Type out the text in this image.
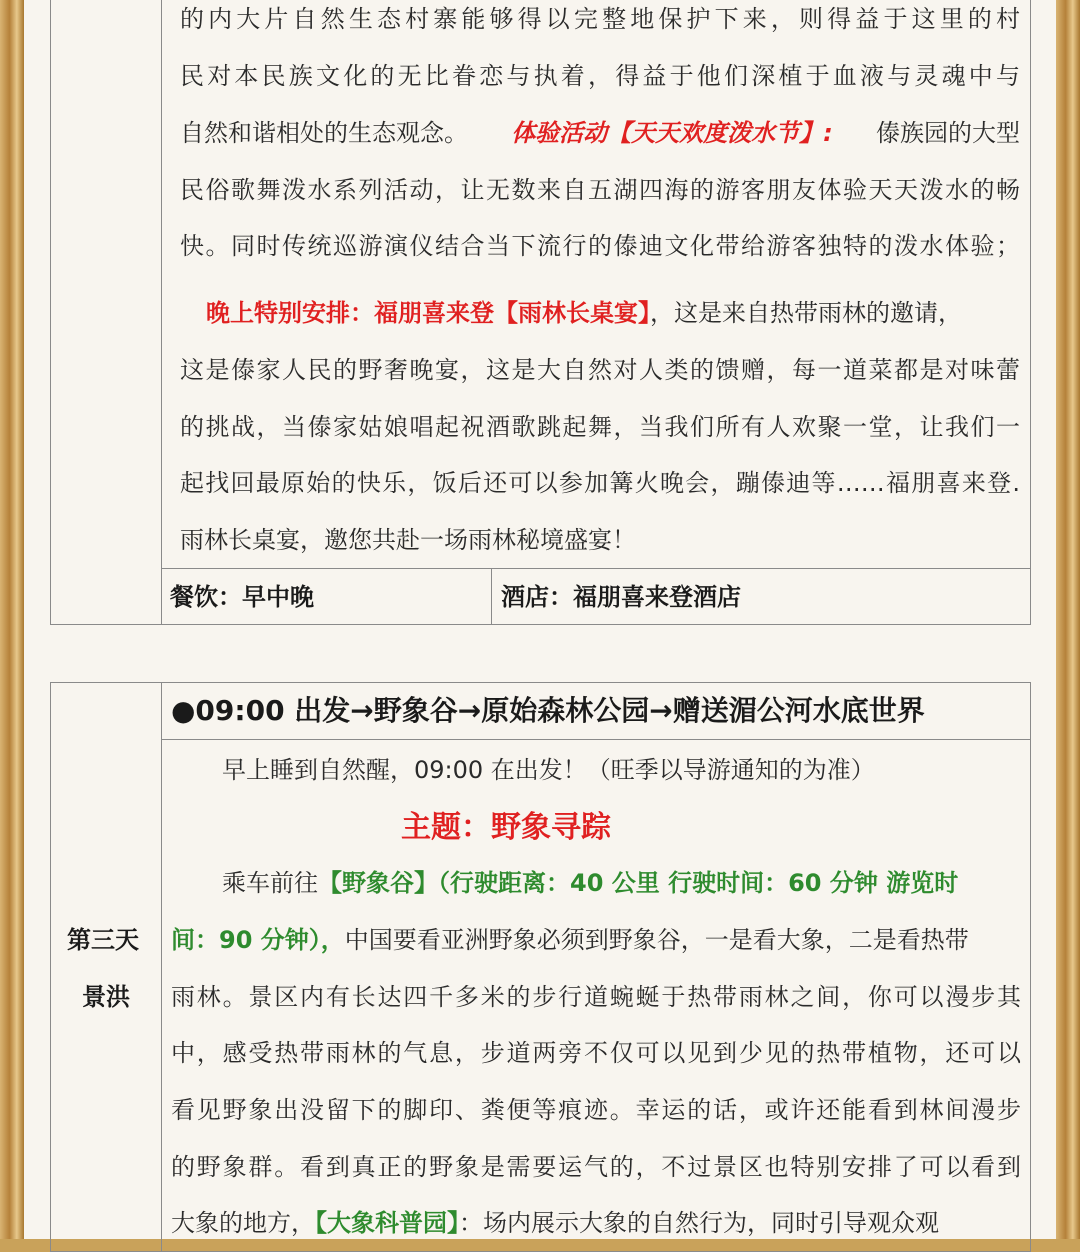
的内大片自然生态村寨能够得以完整地保护下来，则得益于这里的村
民对本民族文化的无比眷恋与执着，得益于他们深植于血液与灵魂中与
自然和谐相处的生态观念。 体验活动【天天欢度泼水节】: 傣族园的大型
民俗歌舞泼水系列活动，让无数来自五湖四海的游客朋友体验天天泼水的畅
快。同时传统巡游演仪结合当下流行的傣迪文化带给游客独特的泼水体验；
晚上特别安排：福朋喜来登【雨林长桌宴】，这是来自热带雨林的邀请，
这是傣家人民的野奢晚宴，这是大自然对人类的馈赠，每一道菜都是对味蕾
的挑战，当傣家姑娘唱起祝酒歌跳起舞，当我们所有人欢聚一堂，让我们一
起找回最原始的快乐，饭后还可以参加篝火晚会，蹦傣迪等……福朋喜来登.
雨林长桌宴，邀您共赴一场雨林秘境盛宴！
餐饮：早中晚	酒店：福朋喜来登酒店
第三天
景洪
●09:00 出发→野象谷→原始森林公园→赠送湄公河水底世界
早上睡到自然醒，09:00 在出发！（旺季以导游通知的为准）
主题：野象寻踪
乘车前往【野象谷】（行驶距离：40 公里 行驶时间：60 分钟 游览时
间：90 分钟），中国要看亚洲野象必须到野象谷，一是看大象，二是看热带
雨林。景区内有长达四千多米的步行道蜿蜒于热带雨林之间，你可以漫步其
中，感受热带雨林的气息，步道两旁不仅可以见到少见的热带植物，还可以
看见野象出没留下的脚印、粪便等痕迹。幸运的话，或许还能看到林间漫步
的野象群。看到真正的野象是需要运气的，不过景区也特别安排了可以看到
大象的地方，【大象科普园】：场内展示大象的自然行为，同时引导观众观
